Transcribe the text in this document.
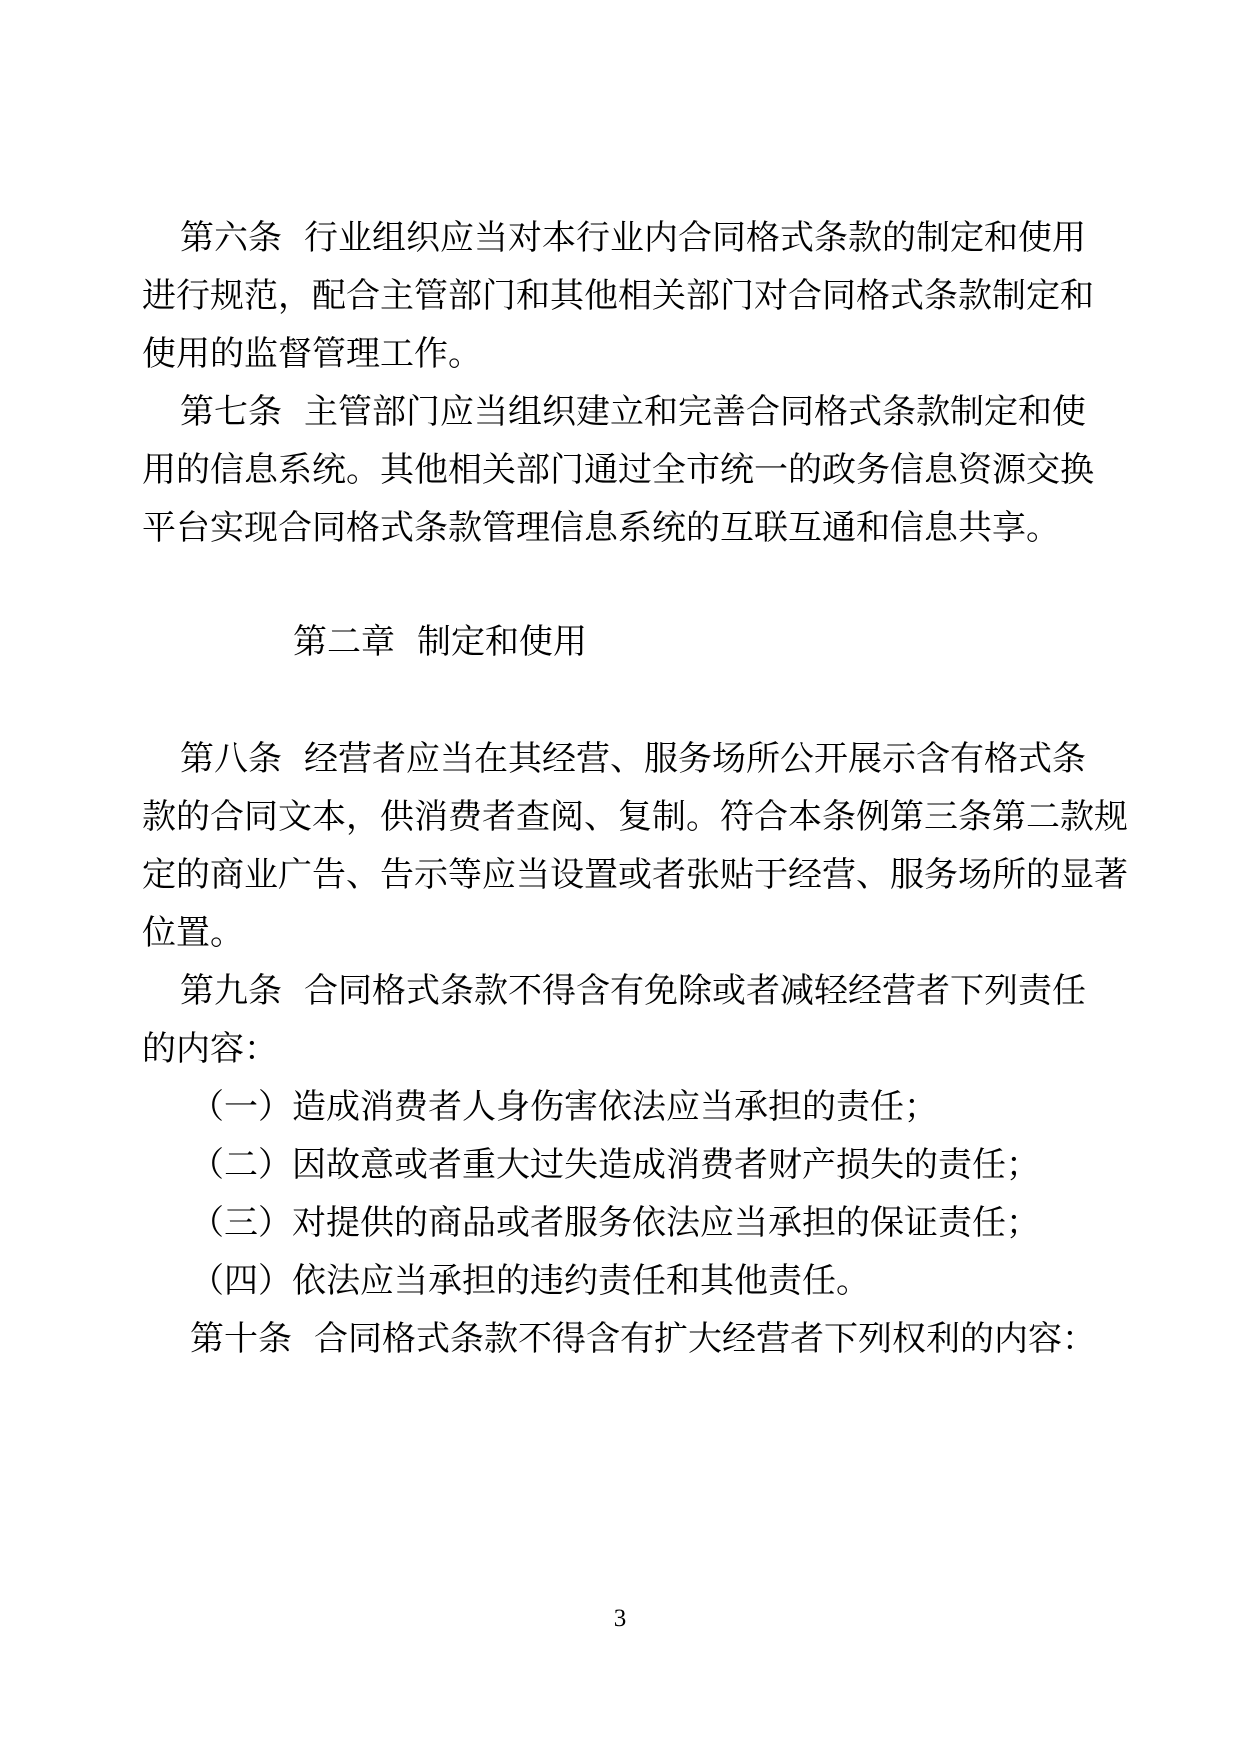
第六条 行业组织应当对本行业内合同格式条款的制定和使用
进 行 规 范 ， 配 合 主 管 部 门 和 其 他 相 关 部 门 对 合 同 格 式 条 款 制 定 和
使用的监督管理工作。
第七条 主管部门应当组织建立和完善合同格式条款制定和使
用的信息系统。其他相关部门通过全市统一的政务信息资源交换
平台实现合同格式条款管理信息系统的互联互通和信息共享。
第二章 制定和使用
第八条 经营者应当在其经营、服务场所公开展示含有格式条
款的合同文本，供消费者查阅、复制。符合本条例第三条第二款规
定的商业广告、告示等应当设置或者张贴于经营、服务场所的显著
位置。
第九条 合同格式条款不得含有免除或者减轻经营者下列责任
的内容：
（一）造成消费者人身伤害依法应当承担的责任；
（二）因故意或者重大过失造成消费者财产损失的责任；
（三）对提供的商品或者服务依法应当承担的保证责任；
（四）依法应当承担的违约责任和其他责任。
第十条 合同格式条款不得含有扩大经营者下列权利的内容：
3
